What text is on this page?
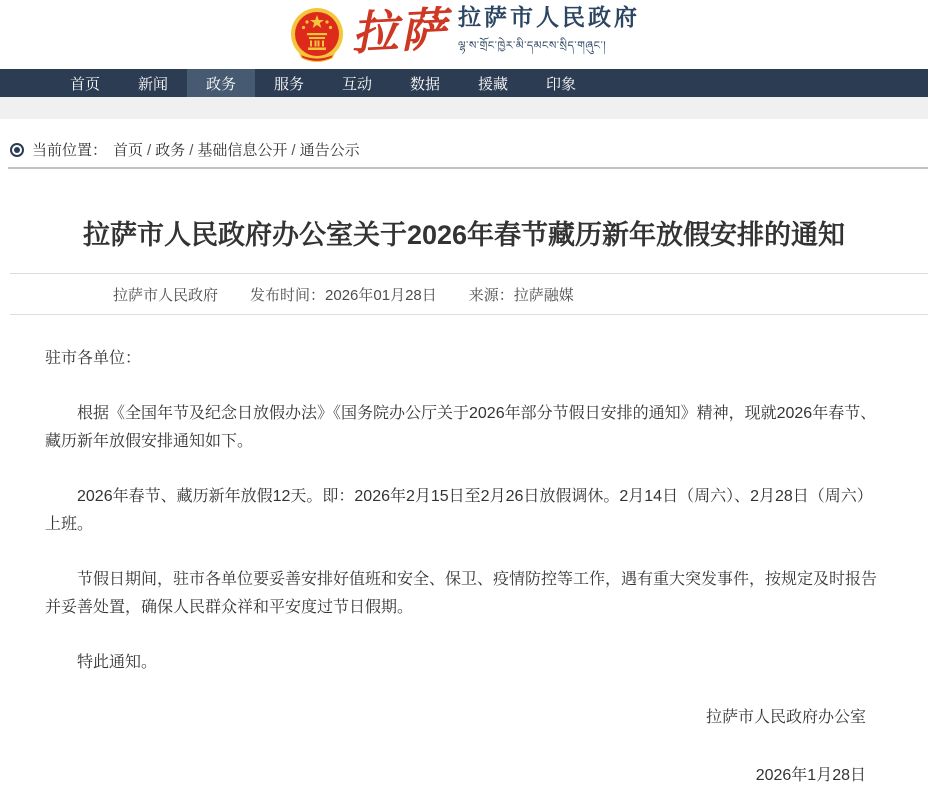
拉萨 拉萨市人民政府
ལྷ་ས་གྲོང་ཁྱེར་མི་དམངས་སྲིད་གཞུང་།
首页	新闻	政务	服务	互动	数据	援藏	印象
当前位置： 首页 / 政务 / 基础信息公开 / 通告公示
拉萨市人民政府办公室关于2026年春节藏历新年放假安排的通知
拉萨市人民政府 发布时间：2026年01月28日 来源：拉萨融媒

驻市各单位：

根据《全国年节及纪念日放假办法》《国务院办公厅关于2026年部分节假日安排的通知》精神，现就2026年春节、藏历新年放假安排通知如下。

2026年春节、藏历新年放假12天。即：2026年2月15日至2月26日放假调休。2月14日（周六）、2月28日（周六）上班。

节假日期间，驻市各单位要妥善安排好值班和安全、保卫、疫情防控等工作，遇有重大突发事件，按规定及时报告并妥善处置，确保人民群众祥和平安度过节日假期。

特此通知。

拉萨市人民政府办公室

2026年1月28日
